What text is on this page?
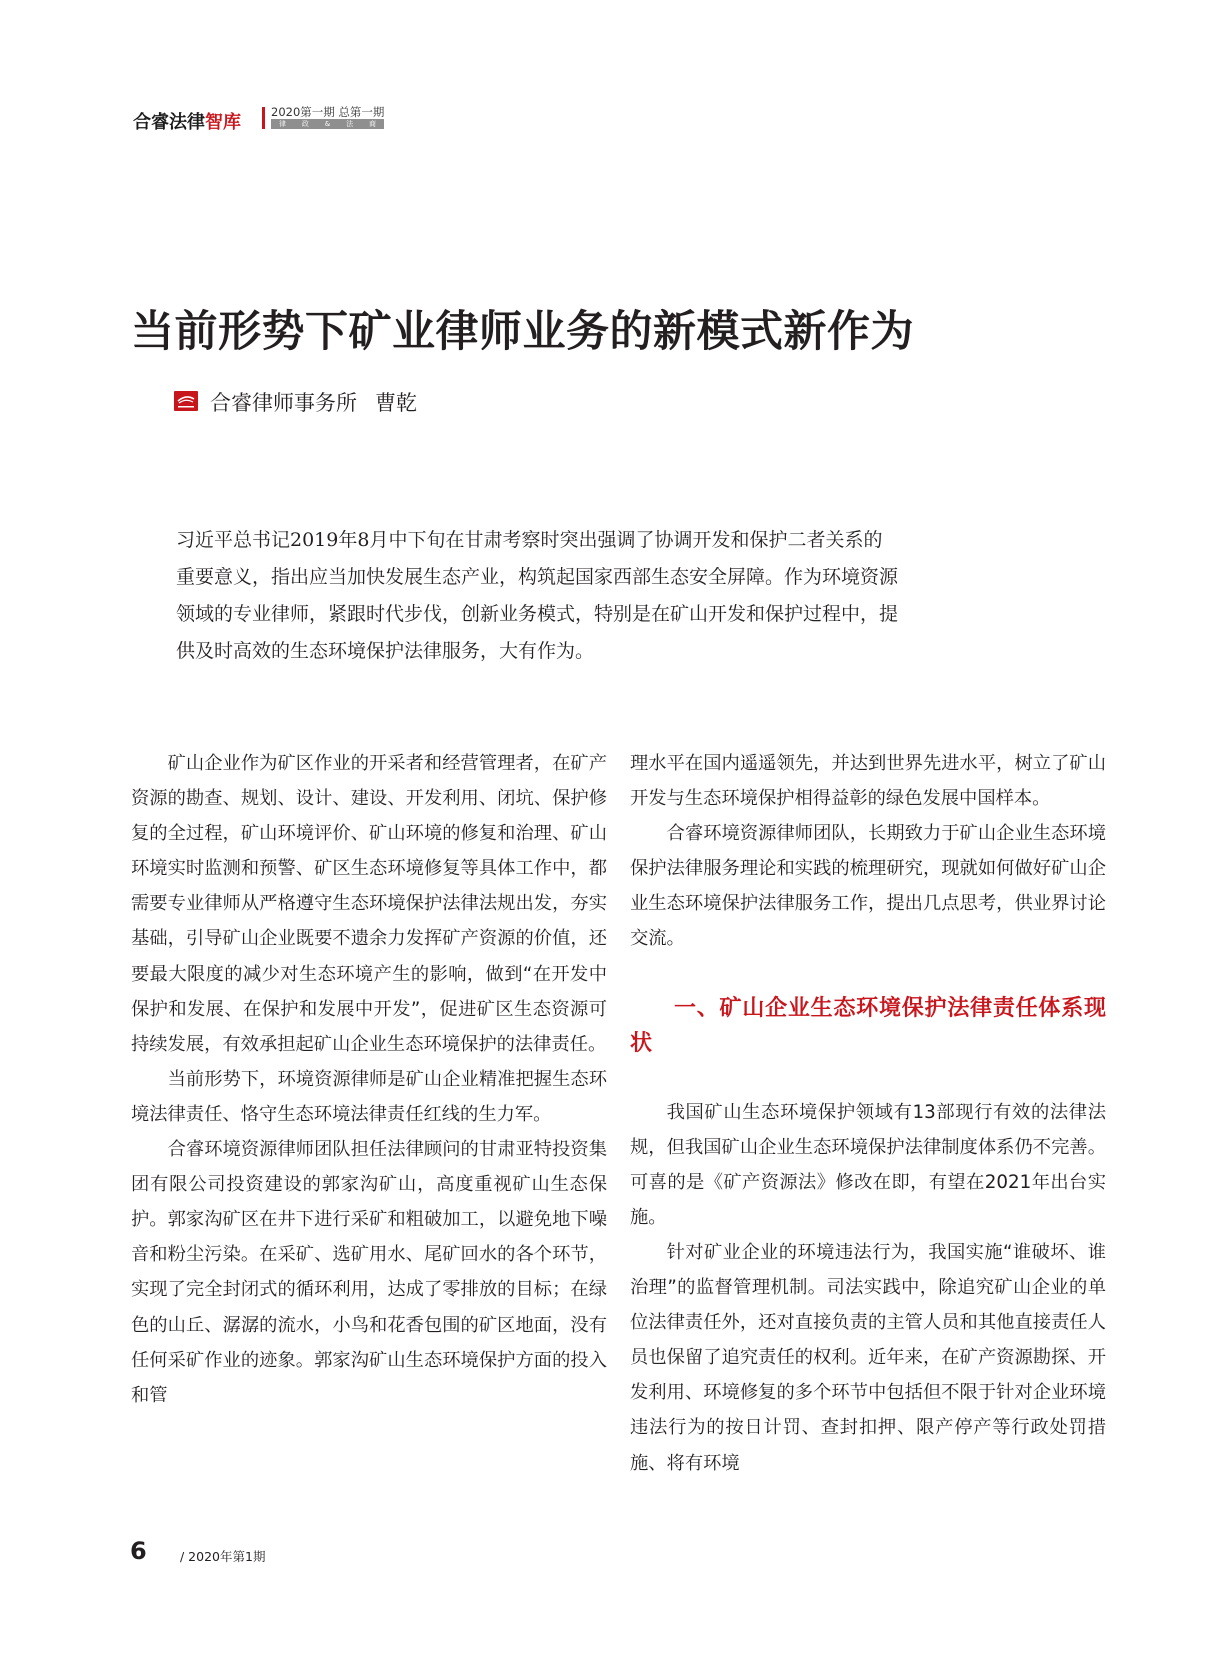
合睿法律智库	2020第一期 总第一期
律 政 & 法 商
当前形势下矿业律师业务的新模式新作为
合睿律师事务所 曹乾

习近平总书记2019年8月中下旬在甘肃考察时突出强调了协调开发和保护二者关系的

重要意义，指出应当加快发展生态产业，构筑起国家西部生态安全屏障。作为环境资源

领域的专业律师，紧跟时代步伐，创新业务模式，特别是在矿山开发和保护过程中，提

供及时高效的生态环境保护法律服务，大有作为。

矿山企业作为矿区作业的开采者和经营管理者，在矿产资源的勘查、规划、设计、建设、开发利用、闭坑、保护修复的全过程，矿山环境评价、矿山环境的修复和治理、矿山环境实时监测和预警、矿区生态环境修复等具体工作中，都需要专业律师从严格遵守生态环境保护法律法规出发，夯实基础，引导矿山企业既要不遗余力发挥矿产资源的价值，还要最大限度的减少对生态环境产生的影响，做到“在开发中保护和发展、在保护和发展中开发”，促进矿区生态资源可持续发展，有效承担起矿山企业生态环境保护的法律责任。

当前形势下，环境资源律师是矿山企业精准把握生态环境法律责任、恪守生态环境法律责任红线的生力军。

合睿环境资源律师团队担任法律顾问的甘肃亚特投资集团有限公司投资建设的郭家沟矿山，高度重视矿山生态保护。郭家沟矿区在井下进行采矿和粗破加工，以避免地下噪音和粉尘污染。在采矿、选矿用水、尾矿回水的各个环节，实现了完全封闭式的循环利用，达成了零排放的目标；在绿色的山丘、潺潺的流水，小鸟和花香包围的矿区地面，没有任何采矿作业的迹象。郭家沟矿山生态环境保护方面的投入和管

理水平在国内遥遥领先，并达到世界先进水平，树立了矿山开发与生态环境保护相得益彰的绿色发展中国样本。

合睿环境资源律师团队，长期致力于矿山企业生态环境保护法律服务理论和实践的梳理研究，现就如何做好矿山企业生态环境保护法律服务工作，提出几点思考，供业界讨论交流。

一、矿山企业生态环境保护法律责任体系现状

我国矿山生态环境保护领域有13部现行有效的法律法规，但我国矿山企业生态环境保护法律制度体系仍不完善。可喜的是《矿产资源法》修改在即，有望在2021年出台实施。

针对矿业企业的环境违法行为，我国实施“谁破坏、谁治理”的监督管理机制。司法实践中，除追究矿山企业的单位法律责任外，还对直接负责的主管人员和其他直接责任人员也保留了追究责任的权利。近年来，在矿产资源勘探、开发利用、环境修复的多个环节中包括但不限于针对企业环境违法行为的按日计罚、查封扣押、限产停产等行政处罚措施、将有环境

6	/ 2020年第1期
